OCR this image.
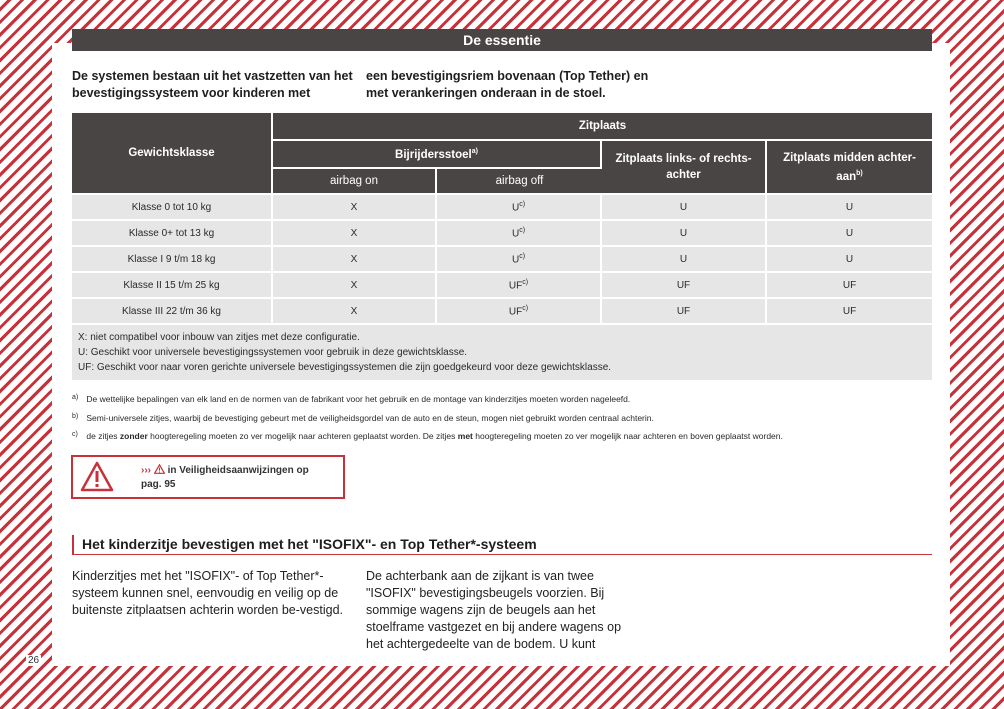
De essentie
De systemen bestaan uit het vastzetten van het bevestigingssysteem voor kinderen met
een bevestigingsriem bovenaan (Top Tether) en met verankeringen onderaan in de stoel.
Gewichtsklasse	Zitplaats			
	Bijrijdersstoel$^{a)}$		Zitplaats links- of rechts-achter	Zitplaats midden achter-aan$^{b)}$
	airbag on	airbag off		
Klasse 0 tot 10 kg	X	$U^{c)}$	U	U
Klasse 0+ tot 13 kg	X	$U^{c)}$	U	U
Klasse I 9 t/m 18 kg	X	$U^{c)}$	U	U
Klasse II 15 t/m 25 kg	X	UF$^{c)}$	UF	UF
Klasse III 22 t/m 36 kg	X	UF$^{c)}$	UF	UF

X: niet compatibel voor inbouw van zitjes met deze configuratie.
U: Geschikt voor universele bevestigingssystemen voor gebruik in deze gewichtsklasse.
UF: Geschikt voor naar voren gerichte universele bevestigingssystemen die zijn goedgekeurd voor deze gewichtsklasse.				
$^{a)}$ De wettelijke bepalingen van elk land en de normen van de fabrikant voor het gebruik en de montage van kinderzitjes moeten worden nageleefd.
$^{b)}$ Semi-universele zitjes, waarbij de bevestiging gebeurt met de veiligheidsgordel van de auto en de steun, mogen niet gebruikt worden centraal achterin.
$^{c)}$ de zitjes zonder hoogteregeling moeten zo ver mogelijk naar achteren geplaatst worden. De zitjes met hoogteregeling moeten zo ver mogelijk naar achteren en boven geplaatst worden.
››› in Veiligheidsaanwijzingen op pag. 95
Het kinderzitje bevestigen met het "ISOFIX"- en Top Tether*-systeem
Kinderzitjes met het "ISOFIX"- of Top Tether*-systeem kunnen snel, eenvoudig en veilig op de buitenste zitplaatsen achterin worden be-vestigd.
De achterbank aan de zijkant is van twee "ISOFIX" bevestigingsbeugels voorzien. Bij sommige wagens zijn de beugels aan het stoelframe vastgezet en bij andere wagens op het achtergedeelte van de bodem. U kunt
26
